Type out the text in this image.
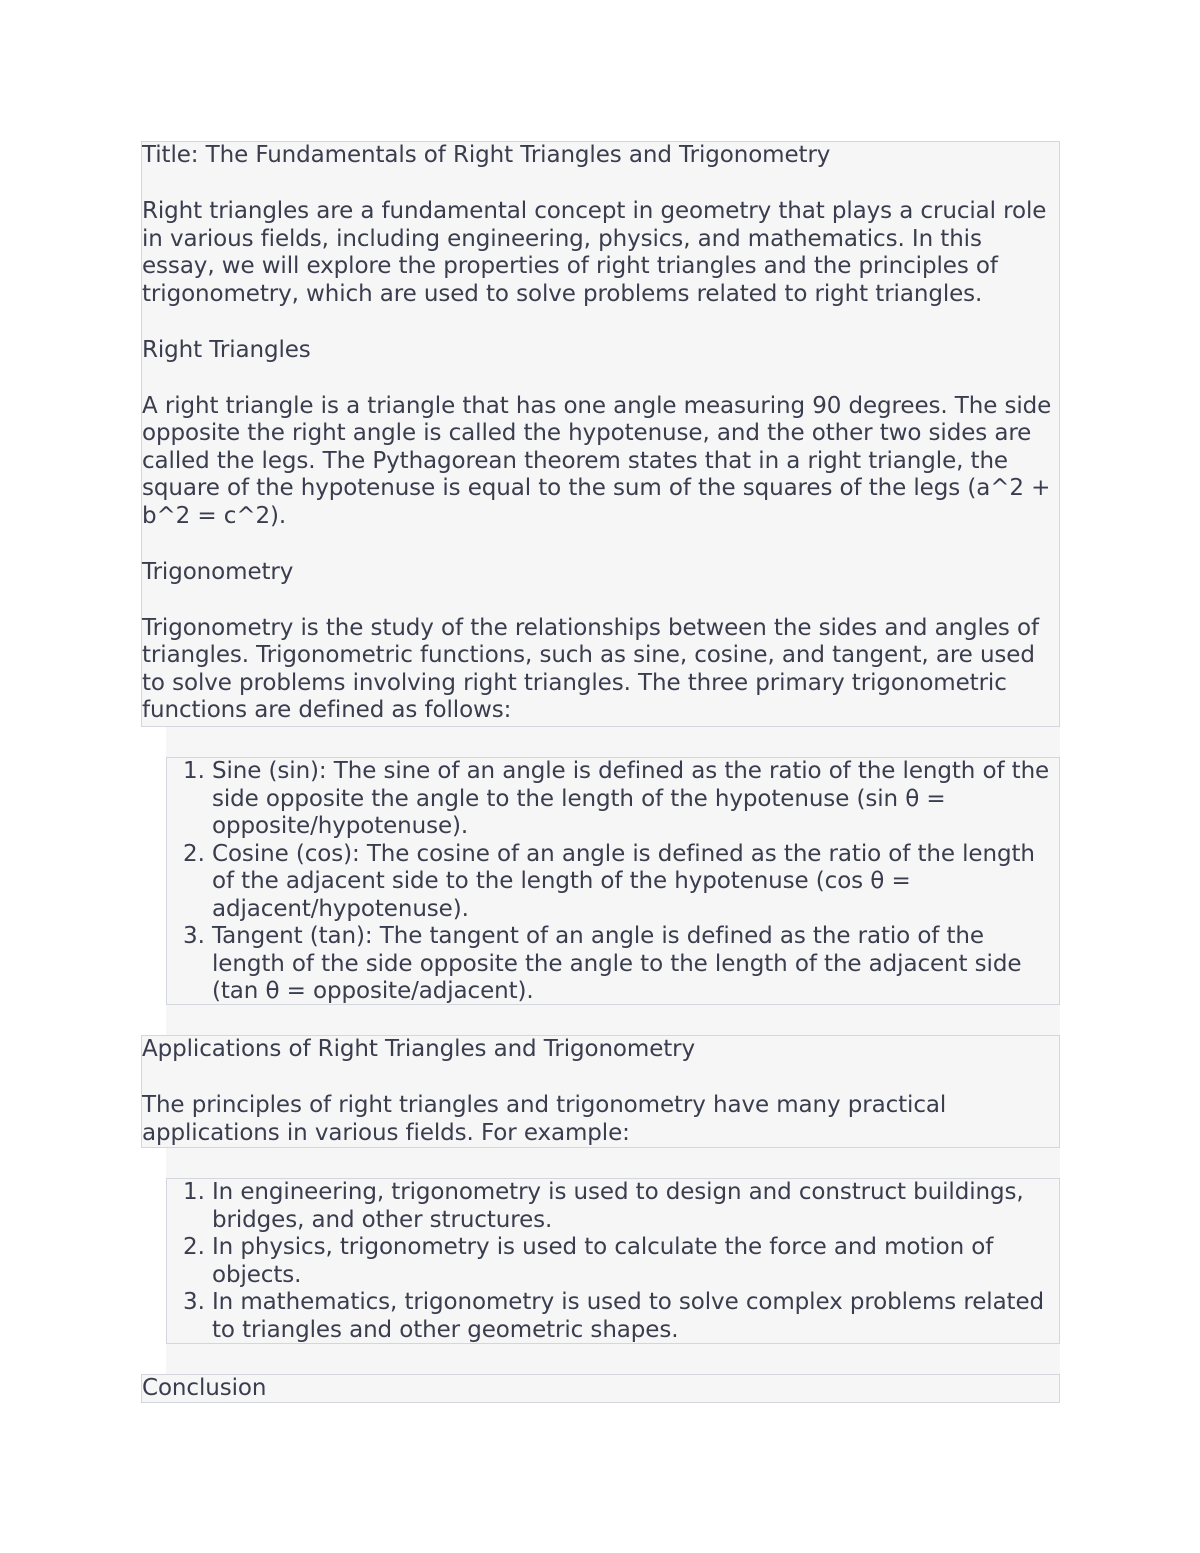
Title: The Fundamentals of Right Triangles and Trigonometry

Right triangles are a fundamental concept in geometry that plays a crucial role in various fields, including engineering, physics, and mathematics. In this essay, we will explore the properties of right triangles and the principles of trigonometry, which are used to solve problems related to right triangles.

Right Triangles

A right triangle is a triangle that has one angle measuring 90 degrees. The side opposite the right angle is called the hypotenuse, and the other two sides are called the legs. The Pythagorean theorem states that in a right triangle, the square of the hypotenuse is equal to the sum of the squares of the legs (a^2 + b^2 = c^2).

Trigonometry

Trigonometry is the study of the relationships between the sides and angles of triangles. Trigonometric functions, such as sine, cosine, and tangent, are used to solve problems involving right triangles. The three primary trigonometric functions are defined as follows:

1. Sine (sin): The sine of an angle is defined as the ratio of the length of the side opposite the angle to the length of the hypotenuse (sin θ = opposite/hypotenuse).
2. Cosine (cos): The cosine of an angle is defined as the ratio of the length of the adjacent side to the length of the hypotenuse (cos θ = adjacent/hypotenuse).
3. Tangent (tan): The tangent of an angle is defined as the ratio of the length of the side opposite the angle to the length of the adjacent side (tan θ = opposite/adjacent).

Applications of Right Triangles and Trigonometry

The principles of right triangles and trigonometry have many practical applications in various fields. For example:

1. In engineering, trigonometry is used to design and construct buildings, bridges, and other structures.
2. In physics, trigonometry is used to calculate the force and motion of objects.
3. In mathematics, trigonometry is used to solve complex problems related to triangles and other geometric shapes.

Conclusion
